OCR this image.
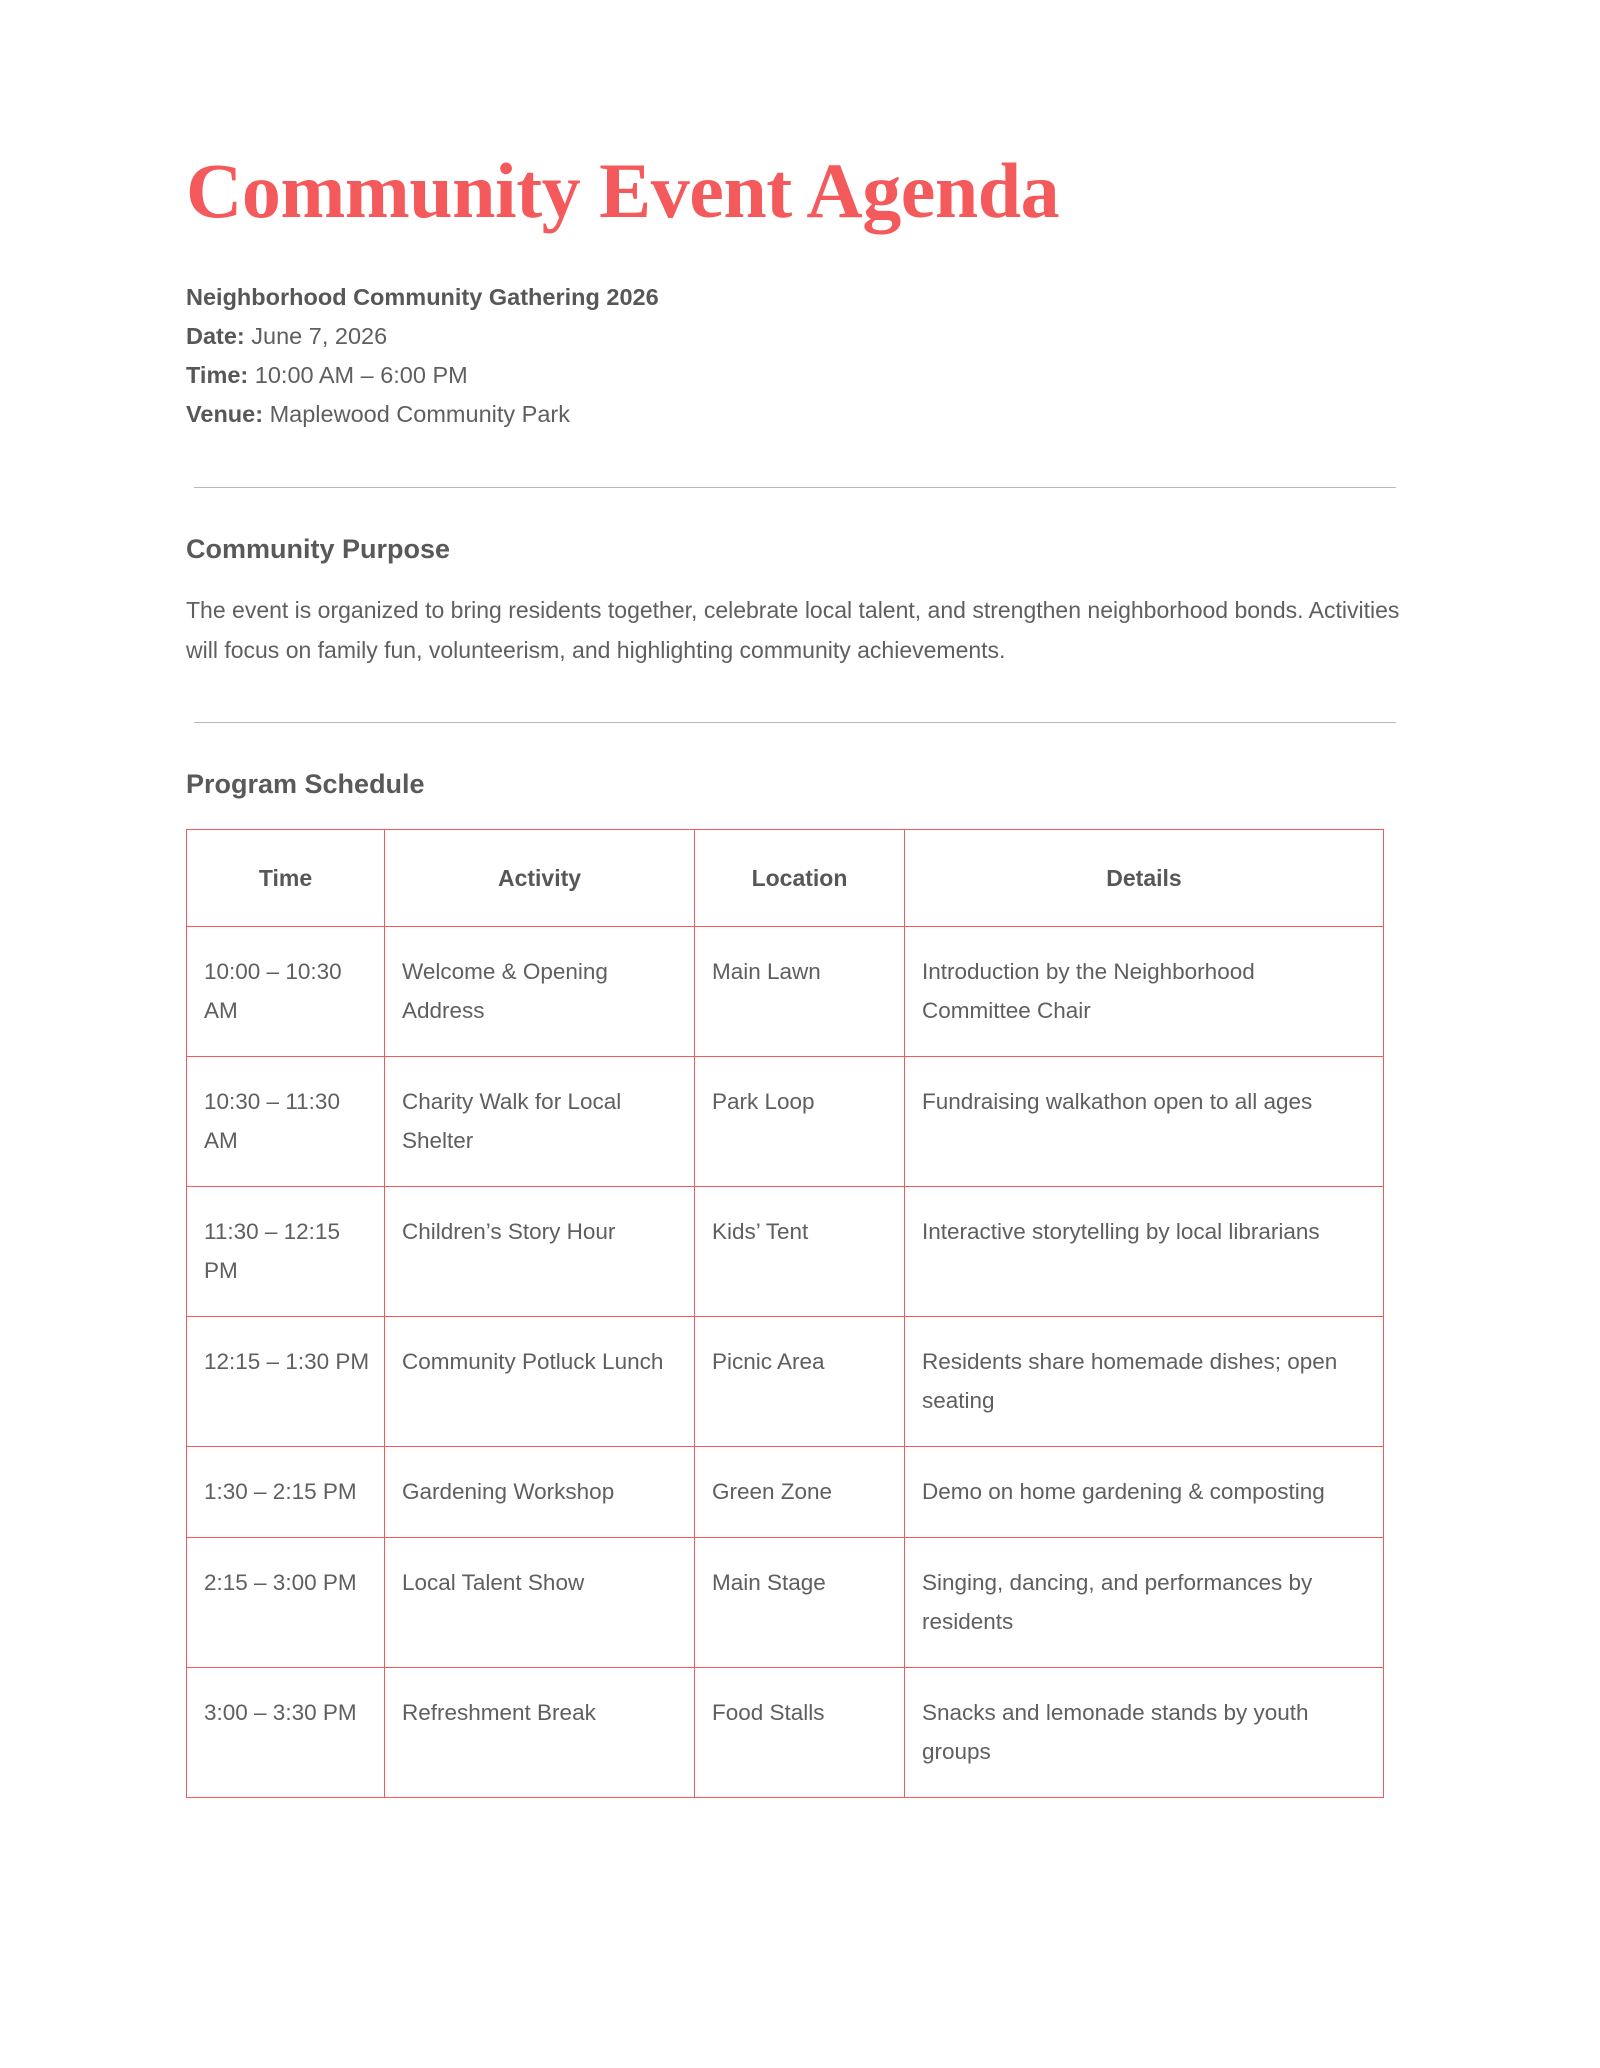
Community Event Agenda
Neighborhood Community Gathering 2026
Date: June 7, 2026
Time: 10:00 AM – 6:00 PM
Venue: Maplewood Community Park
Community Purpose

The event is organized to bring residents together, celebrate local talent, and strengthen neighborhood bonds. Activities will focus on family fun, volunteerism, and highlighting community achievements.

Program Schedule
Time	Activity	Location	Details
10:00 – 10:30 AM	Welcome & Opening Address	Main Lawn	Introduction by the Neighborhood Committee Chair
10:30 – 11:30 AM	Charity Walk for Local Shelter	Park Loop	Fundraising walkathon open to all ages
11:30 – 12:15 PM	Children’s Story Hour	Kids’ Tent	Interactive storytelling by local librarians
12:15 – 1:30 PM	Community Potluck Lunch	Picnic Area	Residents share homemade dishes; open seating
1:30 – 2:15 PM	Gardening Workshop	Green Zone	Demo on home gardening & composting
2:15 – 3:00 PM	Local Talent Show	Main Stage	Singing, dancing, and performances by residents
3:00 – 3:30 PM	Refreshment Break	Food Stalls	Snacks and lemonade stands by youth groups
